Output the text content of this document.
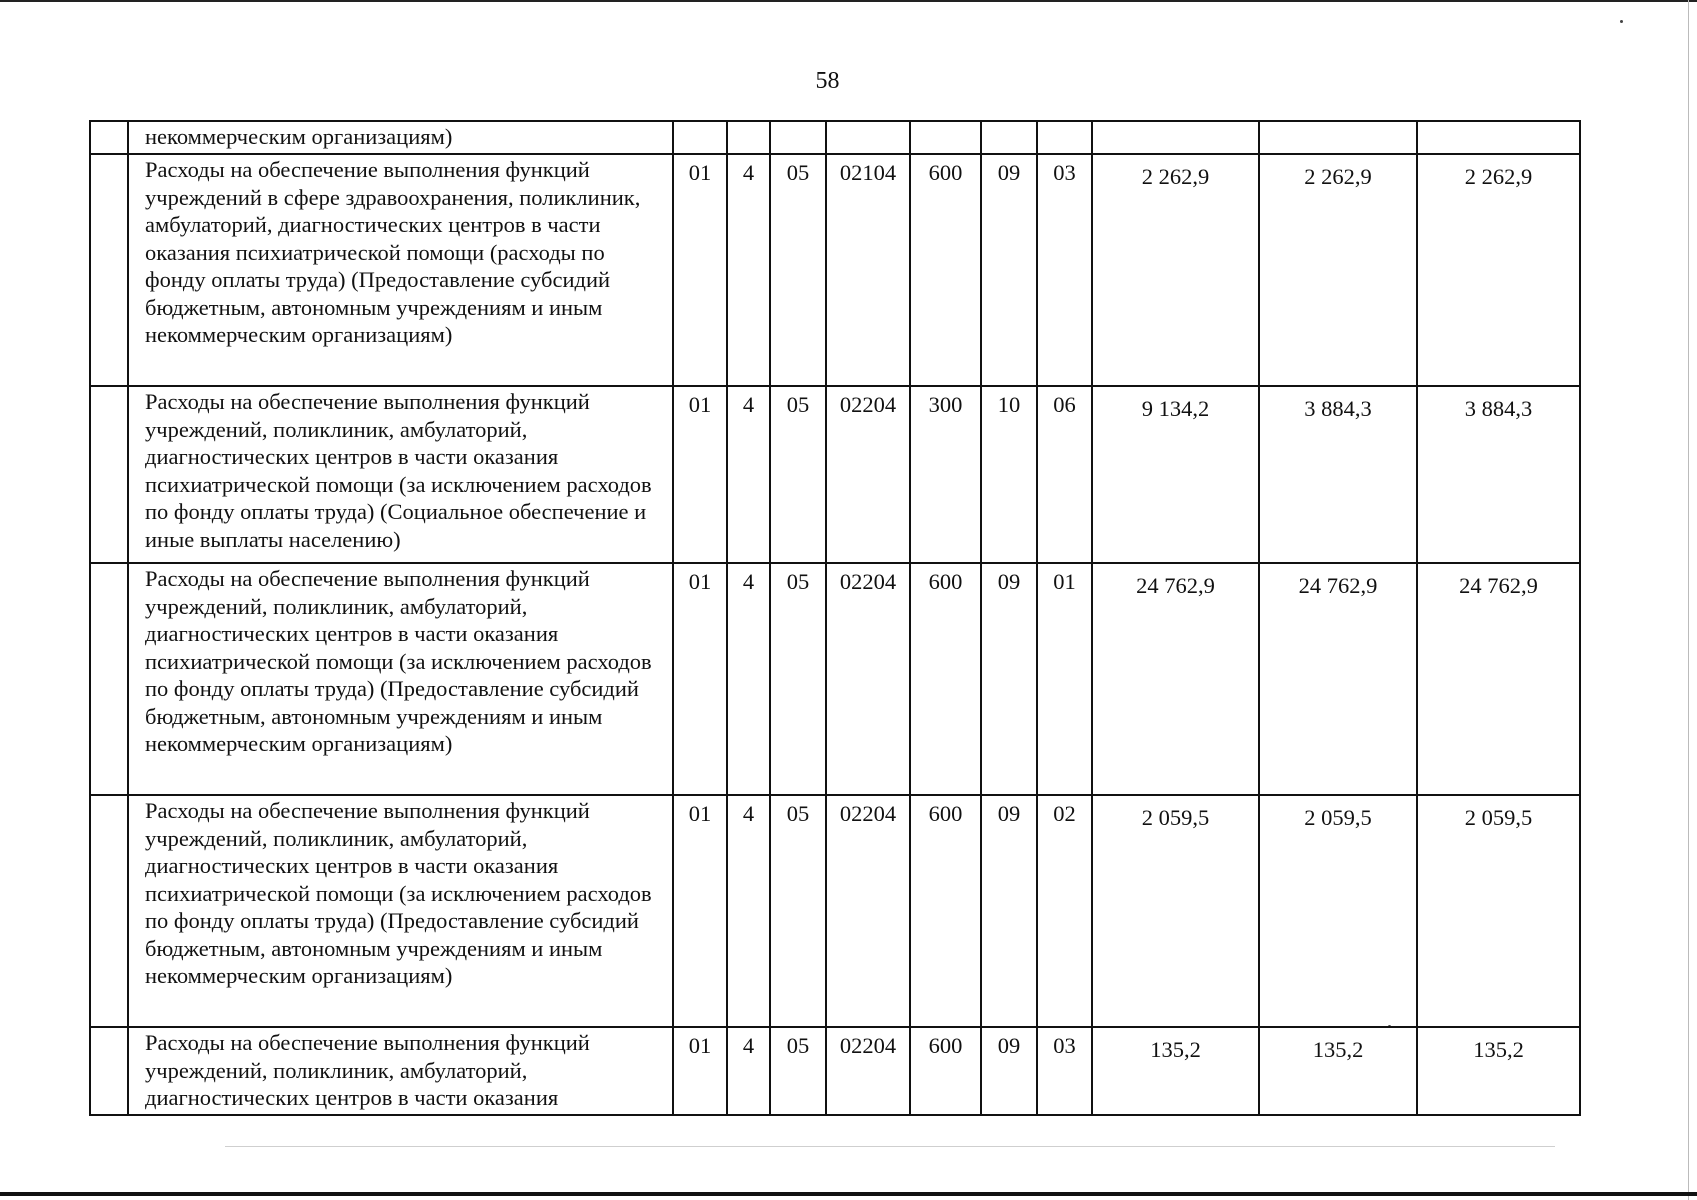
58
	некоммерческим организациям)										
	Расходы на обеспечение выполнения функций учреждений в сфере здравоохранения, поликлиник, амбулаторий, диагностических центров в части оказания психиатрической помощи (расходы по фонду оплаты труда) (Предоставление субсидий бюджетным, автономным учреждениям и иным некоммерческим организациям)	01	4	05	02104	600	09	03	2 262,9	2 262,9	2 262,9
	Расходы на обеспечение выполнения функций учреждений, поликлиник, амбулаторий, диагностических центров в части оказания психиатрической помощи (за исключением расходов по фонду оплаты труда) (Социальное обеспечение и иные выплаты населению)	01	4	05	02204	300	10	06	9 134,2	3 884,3	3 884,3
	Расходы на обеспечение выполнения функций учреждений, поликлиник, амбулаторий, диагностических центров в части оказания психиатрической помощи (за исключением расходов по фонду оплаты труда) (Предоставление субсидий бюджетным, автономным учреждениям и иным некоммерческим организациям)	01	4	05	02204	600	09	01	24 762,9	24 762,9	24 762,9
	Расходы на обеспечение выполнения функций учреждений, поликлиник, амбулаторий, диагностических центров в части оказания психиатрической помощи (за исключением расходов по фонду оплаты труда) (Предоставление субсидий бюджетным, автономным учреждениям и иным некоммерческим организациям)	01	4	05	02204	600	09	02	2 059,5	2 059,5	2 059,5
	Расходы на обеспечение выполнения функций учреждений, поликлиник, амбулаторий, диагностических центров в части оказания	01	4	05	02204	600	09	03	135,2	135,2	135,2
